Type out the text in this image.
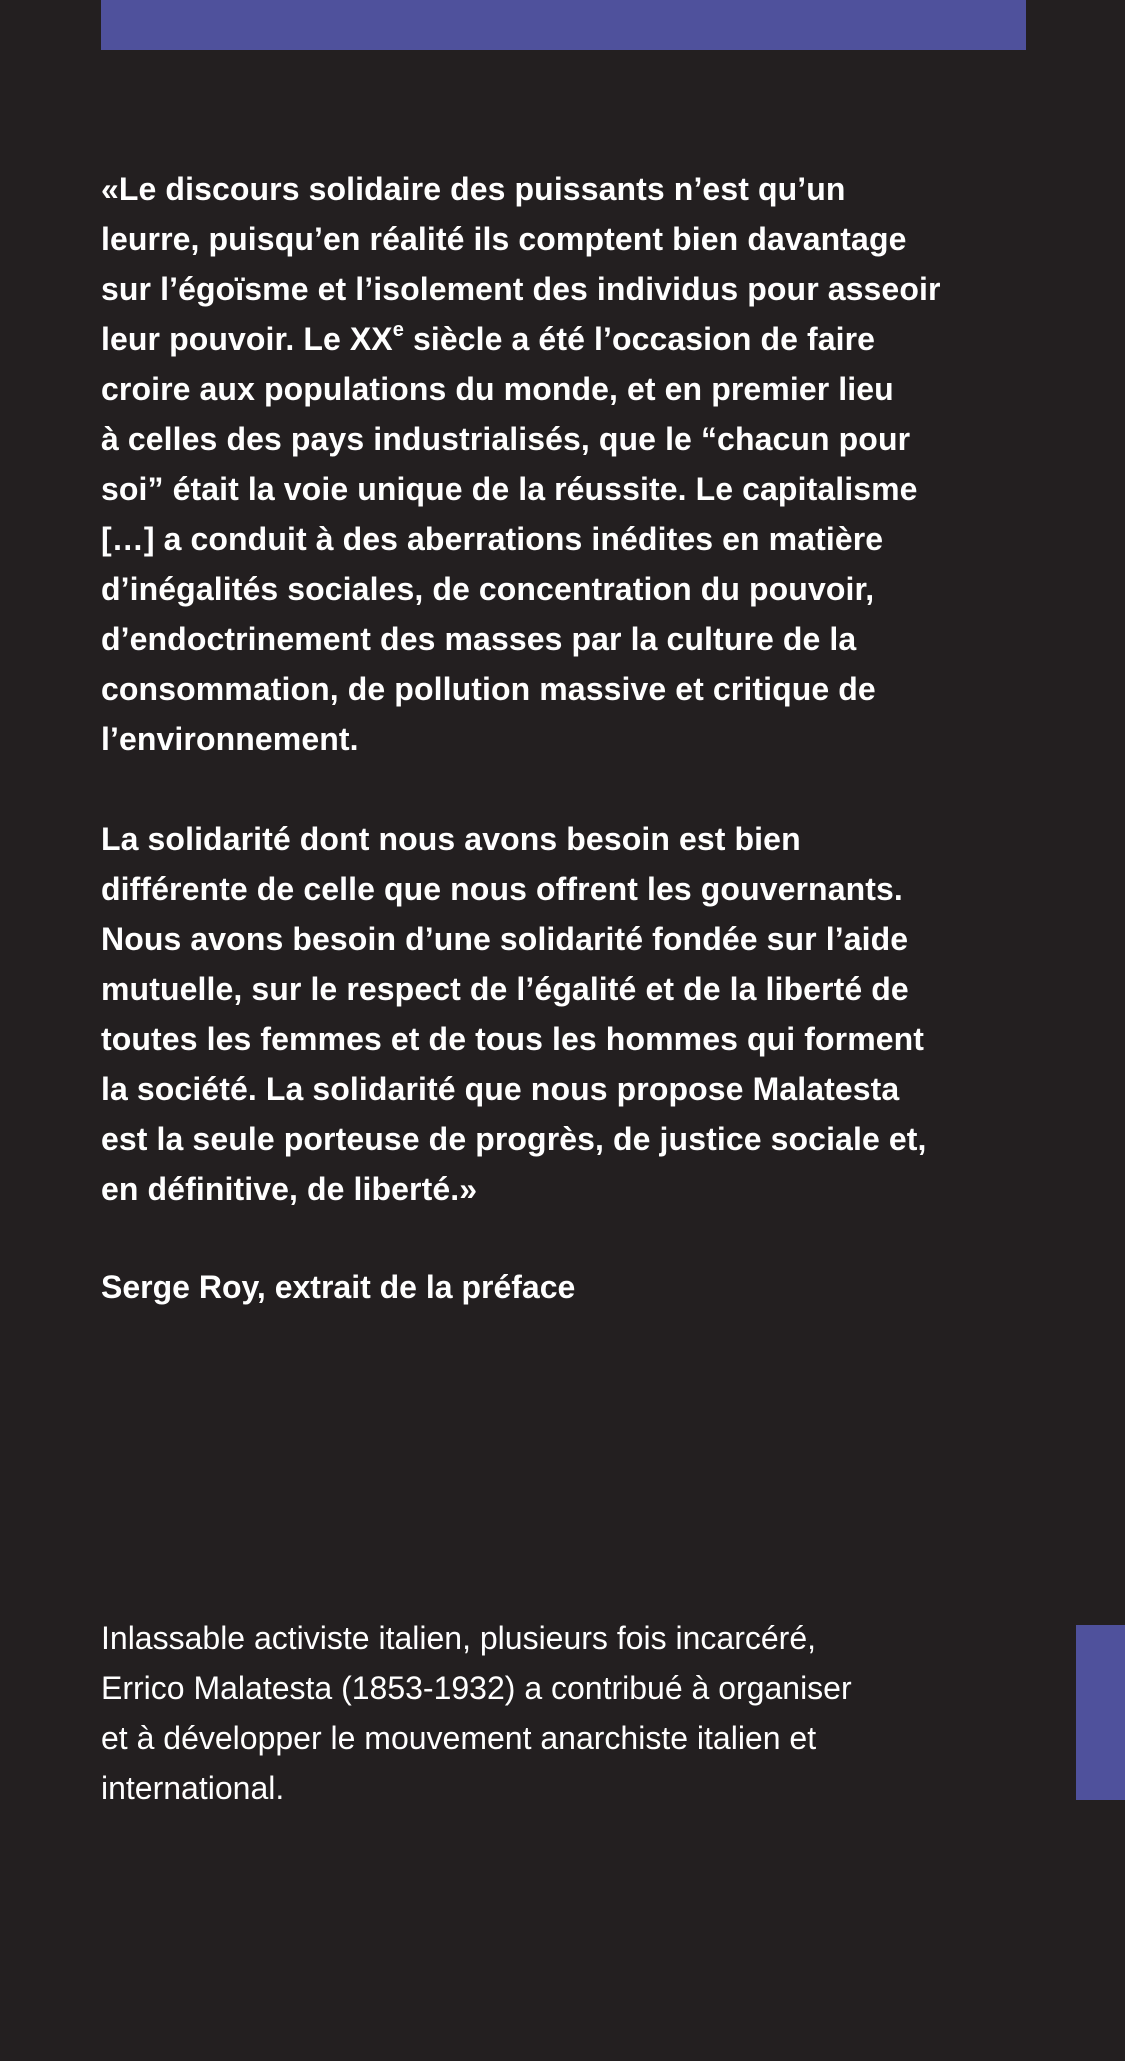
«Le discours solidaire des puissants n’est qu’un
leurre, puisqu’en réalité ils comptent bien davantage
sur l’égoïsme et l’isolement des individus pour asseoir
leur pouvoir. Le XXe siècle a été l’occasion de faire
croire aux populations du monde, et en premier lieu
à celles des pays industrialisés, que le “chacun pour
soi” était la voie unique de la réussite. Le capitalisme
[…] a conduit à des aberrations inédites en matière
d’inégalités sociales, de concentration du pouvoir,
d’endoctrinement des masses par la culture de la
consommation, de pollution massive et critique de
l’environnement.

La solidarité dont nous avons besoin est bien
différente de celle que nous offrent les gouvernants.
Nous avons besoin d’une solidarité fondée sur l’aide
mutuelle, sur le respect de l’égalité et de la liberté de
toutes les femmes et de tous les hommes qui forment
la société. La solidarité que nous propose Malatesta
est la seule porteuse de progrès, de justice sociale et,
en définitive, de liberté.»

Serge Roy, extrait de la préface

Inlassable activiste italien, plusieurs fois incarcéré,
Errico Malatesta (1853-1932) a contribué à organiser
et à développer le mouvement anarchiste italien et
international.
